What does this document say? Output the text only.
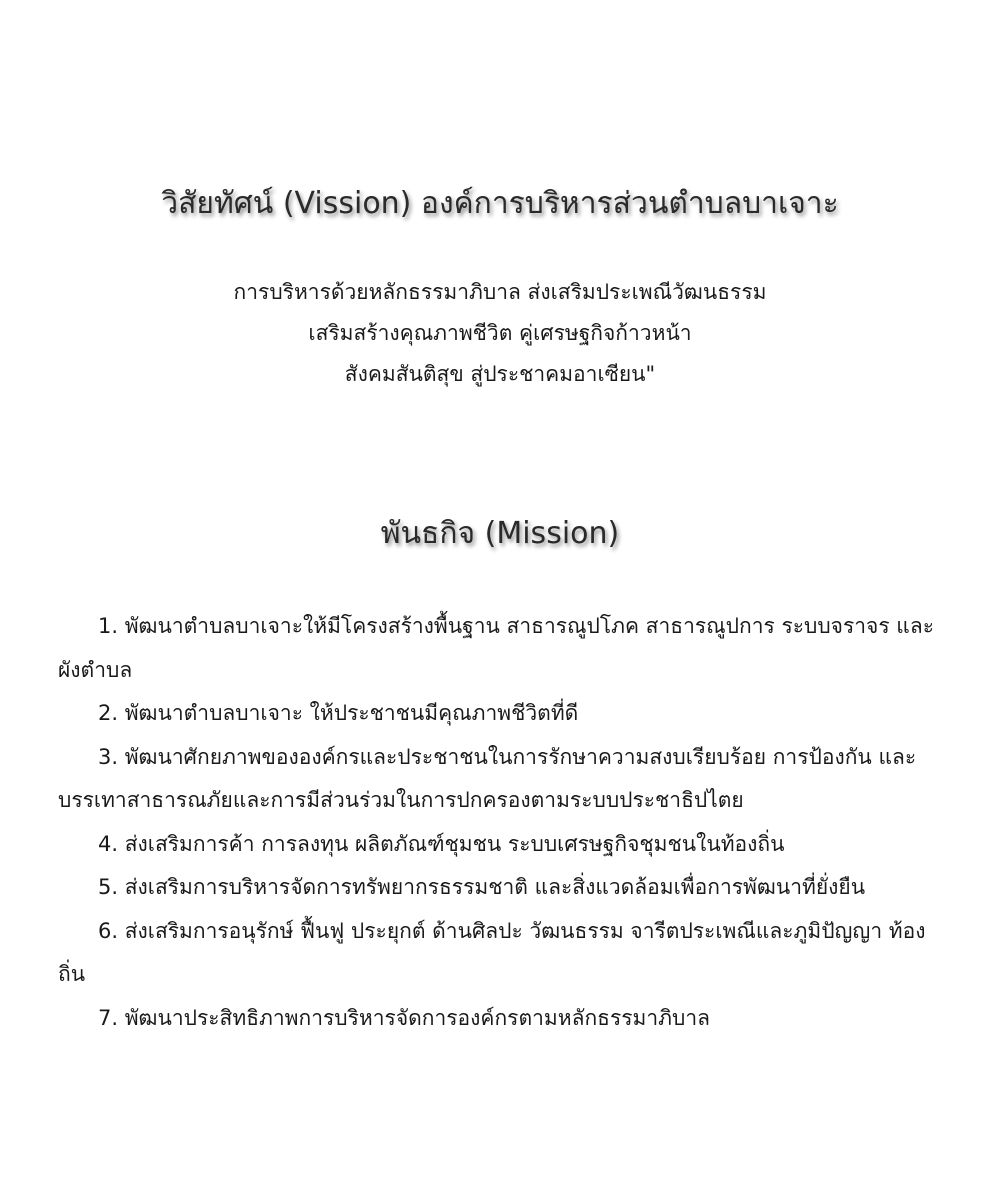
วิสัยทัศน์ (Vission) องค์การบริหารส่วนตำบลบาเจาะ
การบริหารด้วยหลักธรรมาภิบาล ส่งเสริมประเพณีวัฒนธรรม
เสริมสร้างคุณภาพชีวิต คู่เศรษฐกิจก้าวหน้า
สังคมสันติสุข สู่ประชาคมอาเซียน"
พันธกิจ (Mission)
1. พัฒนาตำบลบาเจาะให้มีโครงสร้างพื้นฐาน สาธารณูปโภค สาธารณูปการ ระบบจราจร และผังตำบล
2. พัฒนาตำบลบาเจาะ ให้ประชาชนมีคุณภาพชีวิตที่ดี
3. พัฒนาศักยภาพขององค์กรและประชาชนในการรักษาความสงบเรียบร้อย การป้องกัน และบรรเทาสาธารณภัยและการมีส่วนร่วมในการปกครองตามระบบประชาธิปไตย
4. ส่งเสริมการค้า การลงทุน ผลิตภัณฑ์ชุมชน ระบบเศรษฐกิจชุมชนในท้องถิ่น
5. ส่งเสริมการบริหารจัดการทรัพยากรธรรมชาติ และสิ่งแวดล้อมเพื่อการพัฒนาที่ยั่งยืน
6. ส่งเสริมการอนุรักษ์ ฟื้นฟู ประยุกต์ ด้านศิลปะ วัฒนธรรม จารีตประเพณีและภูมิปัญญา ท้องถิ่น
7. พัฒนาประสิทธิภาพการบริหารจัดการองค์กรตามหลักธรรมาภิบาล
